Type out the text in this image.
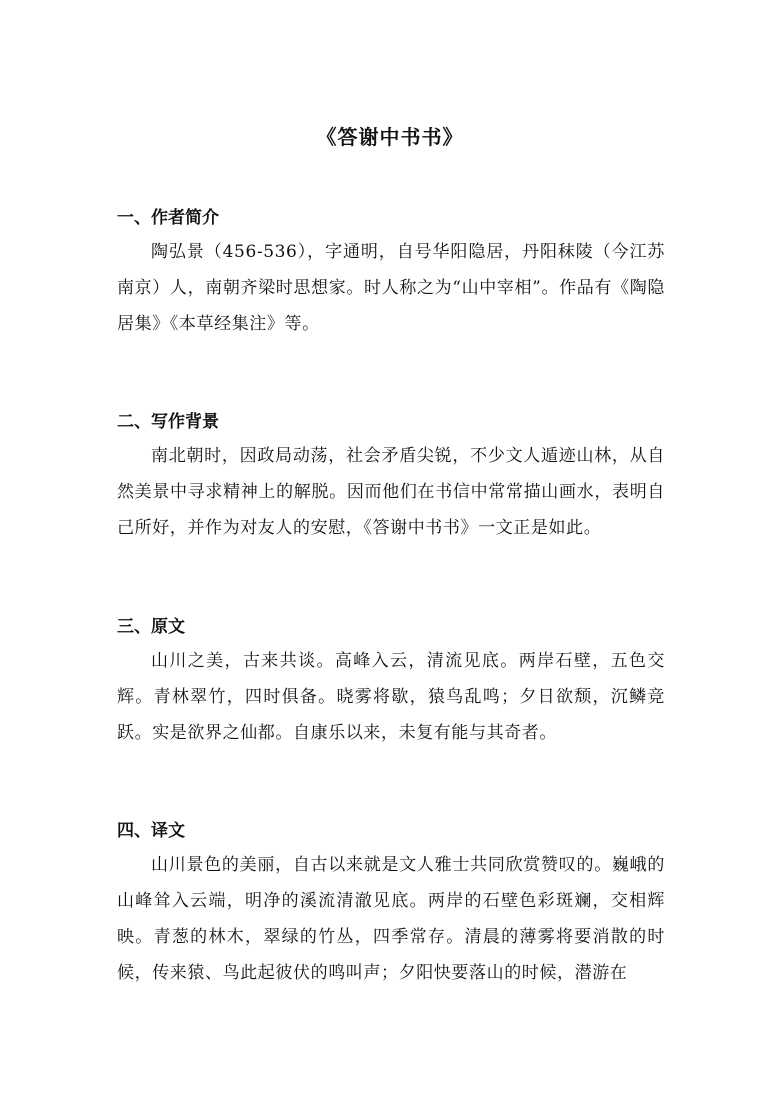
《答谢中书书》
一、作者简介

陶弘景（456-536），字通明，自号华阳隐居，丹阳秣陵（今江苏南京）人，南朝齐梁时思想家。时人称之为“山中宰相”。作品有《陶隐居集》《本草经集注》等。

二、写作背景

南北朝时，因政局动荡，社会矛盾尖锐，不少文人遁迹山林，从自然美景中寻求精神上的解脱。因而他们在书信中常常描山画水，表明自己所好，并作为对友人的安慰，《答谢中书书》一文正是如此。

三、原文

山川之美，古来共谈。高峰入云，清流见底。两岸石壁，五色交辉。青林翠竹，四时俱备。晓雾将歇，猿鸟乱鸣；夕日欲颓，沉鳞竞跃。实是欲界之仙都。自康乐以来，未复有能与其奇者。

四、译文

山川景色的美丽，自古以来就是文人雅士共同欣赏赞叹的。巍峨的山峰耸入云端，明净的溪流清澈见底。两岸的石壁色彩斑斓，交相辉映。青葱的林木，翠绿的竹丛，四季常存。清晨的薄雾将要消散的时候，传来猿、鸟此起彼伏的鸣叫声；夕阳快要落山的时候，潜游在
